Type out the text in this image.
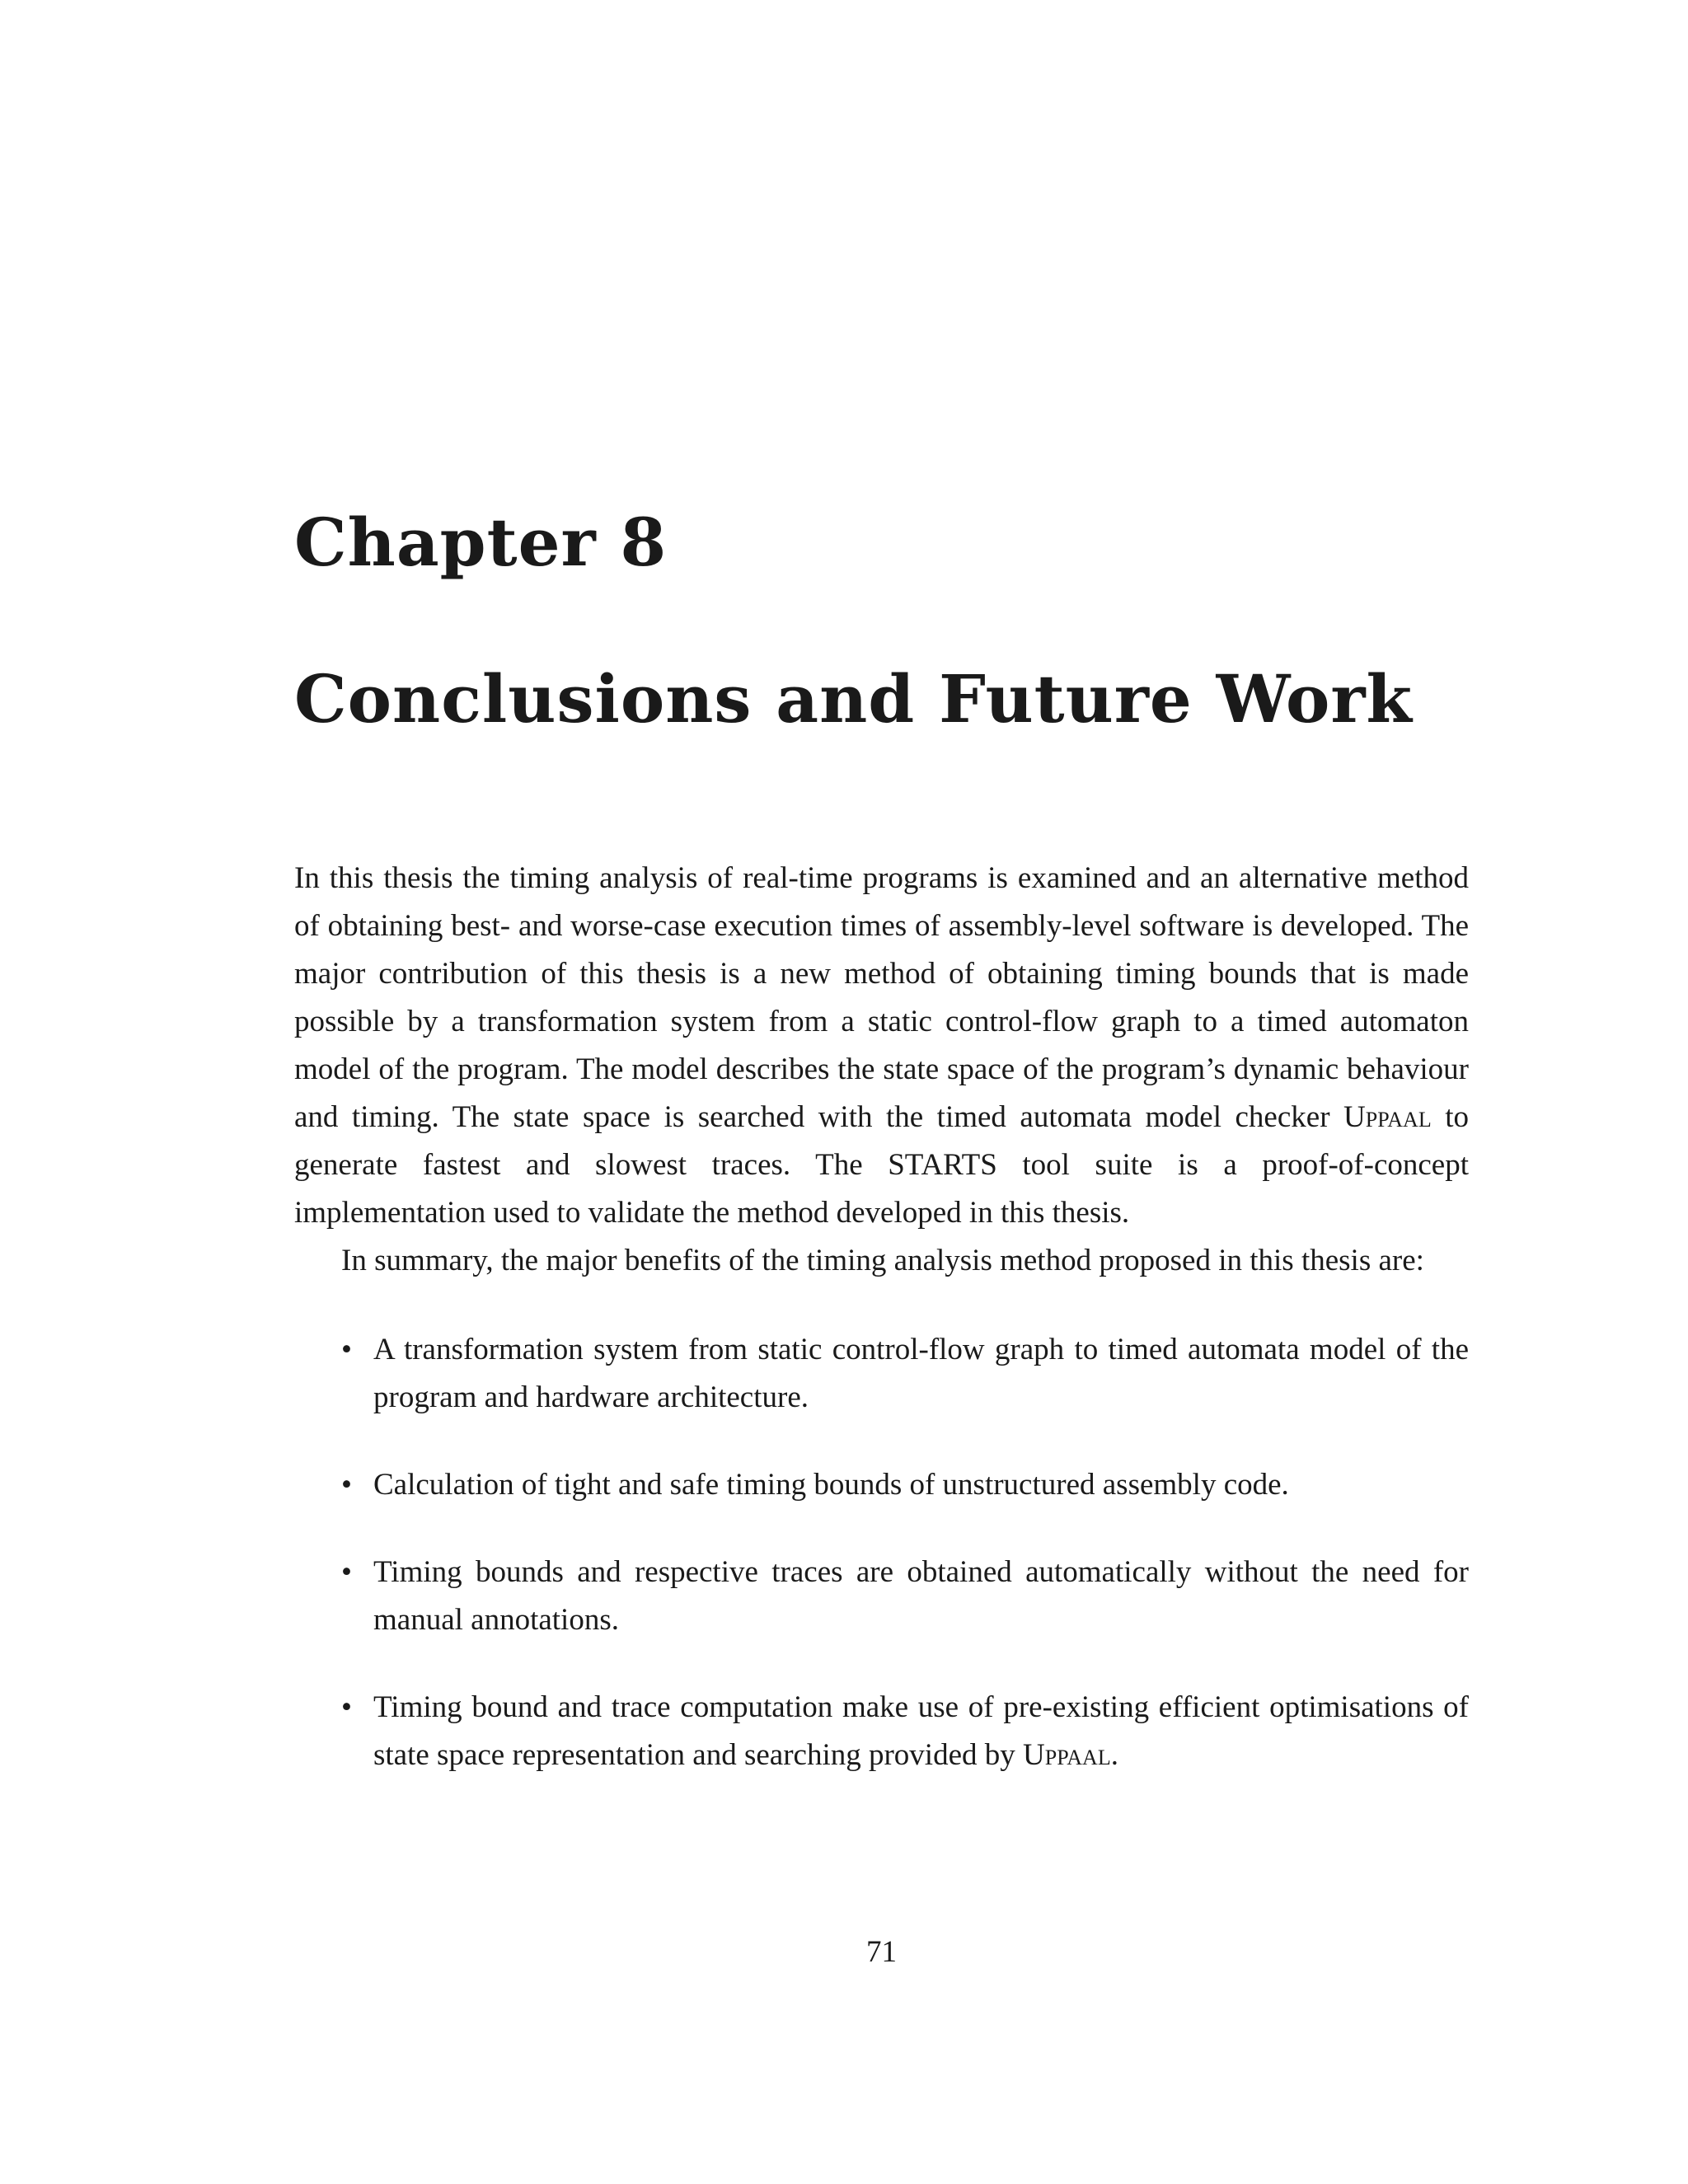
Chapter 8
Conclusions and Future Work

In this thesis the timing analysis of real-time programs is examined and an alternative method of obtaining best- and worse-case execution times of assembly-level software is developed. The major contribution of this thesis is a new method of obtaining timing bounds that is made possible by a transformation system from a static control-flow graph to a timed automaton model of the program. The model describes the state space of the program’s dynamic behaviour and timing. The state space is searched with the timed automata model checker Uppaal to generate fastest and slowest traces. The STARTS tool suite is a proof-of-concept implementation used to validate the method developed in this thesis.

In summary, the major benefits of the timing analysis method proposed in this thesis are:

• A transformation system from static control-flow graph to timed automata model of the program and hardware architecture.
• Calculation of tight and safe timing bounds of unstructured assembly code.
• Timing bounds and respective traces are obtained automatically without the need for manual annotations.
• Timing bound and trace computation make use of pre-existing efficient optimisations of state space representation and searching provided by Uppaal.
71
